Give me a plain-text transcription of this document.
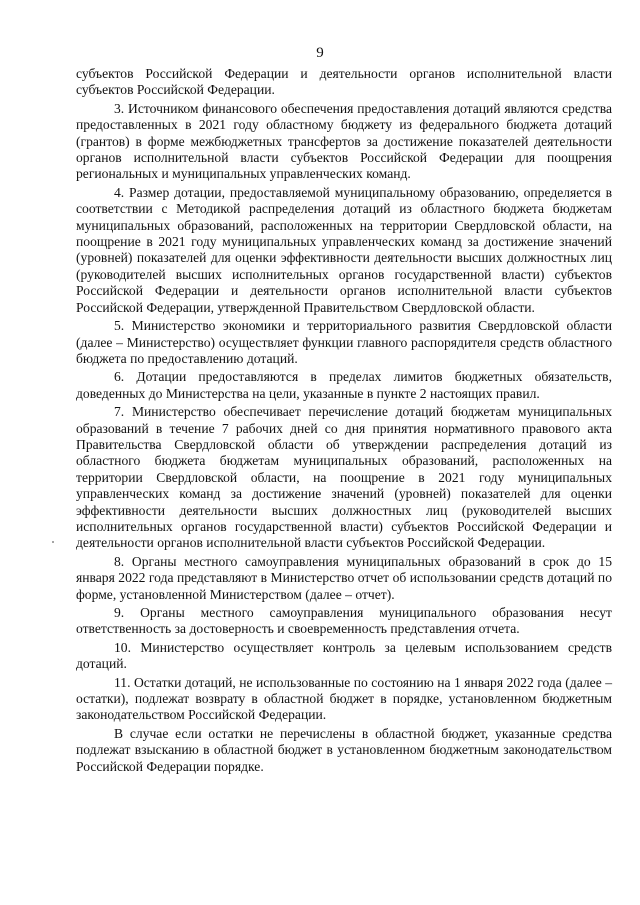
9

субъектов Российской Федерации и деятельности органов исполнительной власти субъектов Российской Федерации.

3. Источником финансового обеспечения предоставления дотаций являются средства предоставленных в 2021 году областному бюджету из федерального бюджета дотаций (грантов) в форме межбюджетных трансфертов за достижение показателей деятельности органов исполнительной власти субъектов Российской Федерации для поощрения региональных и муниципальных управленческих команд.

4. Размер дотации, предоставляемой муниципальному образованию, определяется в соответствии с Методикой распределения дотаций из областного бюджета бюджетам муниципальных образований, расположенных на территории Свердловской области, на поощрение в 2021 году муниципальных управленческих команд за достижение значений (уровней) показателей для оценки эффективности деятельности высших должностных лиц (руководителей высших исполнительных органов государственной власти) субъектов Российской Федерации и деятельности органов исполнительной власти субъектов Российской Федерации, утвержденной Правительством Свердловской области.

5. Министерство экономики и территориального развития Свердловской области (далее – Министерство) осуществляет функции главного распорядителя средств областного бюджета по предоставлению дотаций.

6. Дотации предоставляются в пределах лимитов бюджетных обязательств, доведенных до Министерства на цели, указанные в пункте 2 настоящих правил.

7. Министерство обеспечивает перечисление дотаций бюджетам муниципальных образований в течение 7 рабочих дней со дня принятия нормативного правового акта Правительства Свердловской области об утверждении распределения дотаций из областного бюджета бюджетам муниципальных образований, расположенных на территории Свердловской области, на поощрение в 2021 году муниципальных управленческих команд за достижение значений (уровней) показателей для оценки эффективности деятельности высших должностных лиц (руководителей высших исполнительных органов государственной власти) субъектов Российской Федерации и деятельности органов исполнительной власти субъектов Российской Федерации.

8. Органы местного самоуправления муниципальных образований в срок до 15 января 2022 года представляют в Министерство отчет об использовании средств дотаций по форме, установленной Министерством (далее – отчет).

9. Органы местного самоуправления муниципального образования несут ответственность за достоверность и своевременность представления отчета.

10. Министерство осуществляет контроль за целевым использованием средств дотаций.

11. Остатки дотаций, не использованные по состоянию на 1 января 2022 года (далее – остатки), подлежат возврату в областной бюджет в порядке, установленном бюджетным законодательством Российской Федерации.

В случае если остатки не перечислены в областной бюджет, указанные средства подлежат взысканию в областной бюджет в установленном бюджетным законодательством Российской Федерации порядке.
